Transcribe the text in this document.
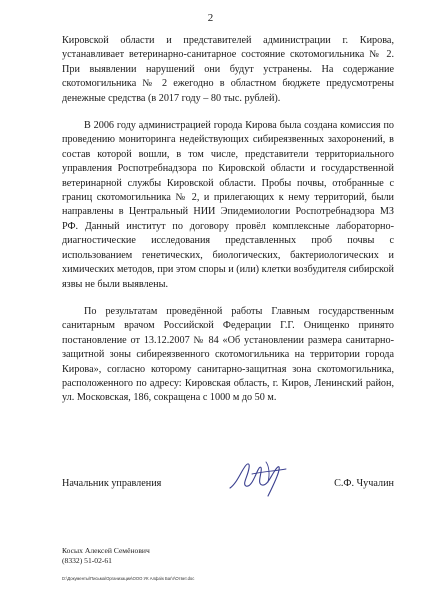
2

Кировской области и представителей администрации г. Кирова, устанавливает ветеринарно-санитарное состояние скотомогильника № 2. При выявлении нарушений они будут устранены. На содержание скотомогильника № 2 ежегодно в областном бюджете предусмотрены денежные средства (в 2017 году – 80 тыс. рублей).

В 2006 году администрацией города Кирова была создана комиссия по проведению мониторинга недействующих сибиреязвенных захоронений, в состав которой вошли, в том числе, представители территориального управления Роспотребнадзора по Кировской области и государственной ветеринарной службы Кировской области. Пробы почвы, отобранные с границ скотомогильника № 2, и прилегающих к нему территорий, были направлены в Центральный НИИ Эпидемиологии Роспотребнадзора МЗ РФ. Данный институт по договору провёл комплексные лабораторно-диагностические исследования представленных проб почвы с использованием генетических, биологических, бактериологических и химических методов, при этом споры и (или) клетки возбудителя сибирской язвы не были выявлены.

По результатам проведённой работы Главным государственным санитарным врачом Российской Федерации Г.Г. Онищенко принято постановление от 13.12.2007 № 84 «Об установлении размера санитарно-защитной зоны сибиреязвенного скотомогильника на территории города Кирова», согласно которому санитарно-защитная зона скотомогильника, расположенного по адресу: Кировская область, г. Киров, Ленинский район, ул. Московская, 186, сокращена с 1000 м до 50 м.

Начальник управления	С.Ф. Чучалин
Косых Алексей Семёнович
(8332) 51-02-61
D:\Документы\Письма\Организации\ООО УК Алфа\к Баг\г\Ответ.doc
